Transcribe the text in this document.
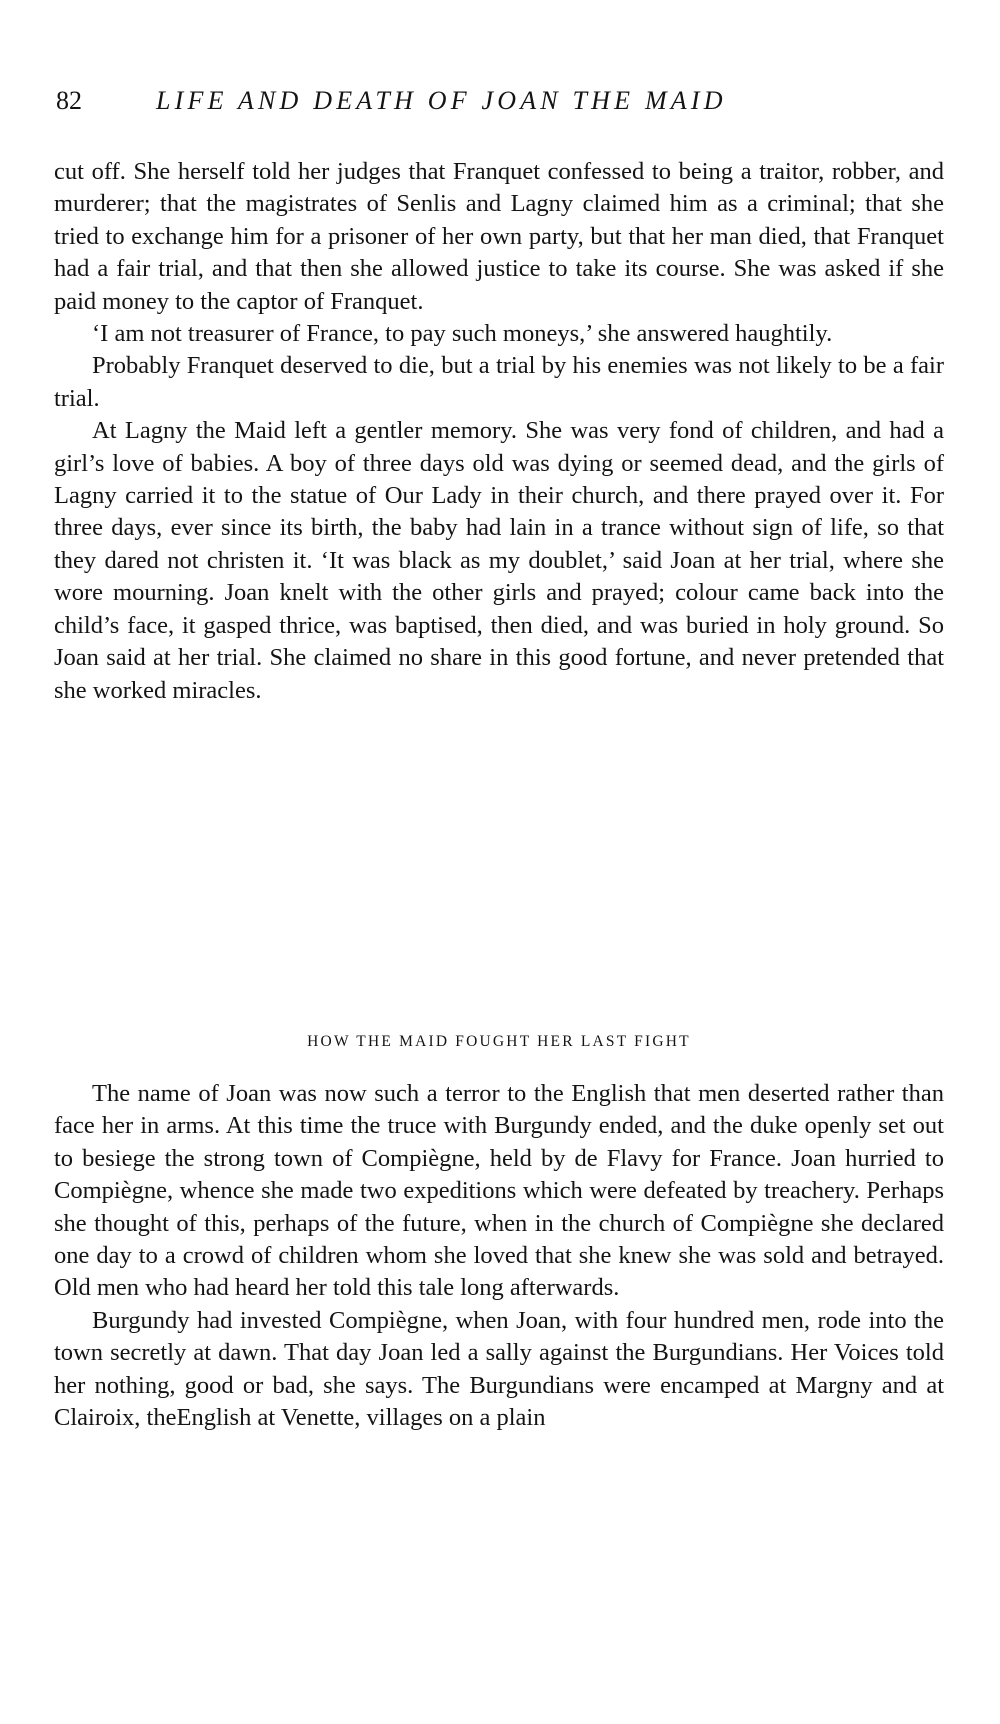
82	LIFE AND DEATH OF JOAN THE MAID

cut off. She herself told her judges that Franquet confessed to being a traitor, robber, and murderer; that the magistrates of Senlis and Lagny claimed him as a criminal; that she tried to exchange him for a prisoner of her own party, but that her man died, that Franquet had a fair trial, and that then she allowed justice to take its course. She was asked if she paid money to the captor of Franquet.

‘I am not treasurer of France, to pay such moneys,’ she answered haughtily.

Probably Franquet deserved to die, but a trial by his enemies was not likely to be a fair trial.

At Lagny the Maid left a gentler memory. She was very fond of children, and had a girl’s love of babies. A boy of three days old was dying or seemed dead, and the girls of Lagny carried it to the statue of Our Lady in their church, and there prayed over it. For three days, ever since its birth, the baby had lain in a trance without sign of life, so that they dared not christen it. ‘It was black as my doublet,’ said Joan at her trial, where she wore mourning. Joan knelt with the other girls and prayed; colour came back into the child’s face, it gasped thrice, was baptised, then died, and was buried in holy ground. So Joan said at her trial. She claimed no share in this good fortune, and never pretended that she worked miracles.

HOW THE MAID FOUGHT HER LAST FIGHT

The name of Joan was now such a terror to the English that men deserted rather than face her in arms. At this time the truce with Burgundy ended, and the duke openly set out to besiege the strong town of Compiègne, held by de Flavy for France. Joan hurried to Compiègne, whence she made two expeditions which were defeated by treachery. Perhaps she thought of this, perhaps of the future, when in the church of Compiègne she declared one day to a crowd of children whom she loved that she knew she was sold and betrayed. Old men who had heard her told this tale long afterwards.

Burgundy had invested Compiègne, when Joan, with four hundred men, rode into the town secretly at dawn. That day Joan led a sally against the Burgundians. Her Voices told her nothing, good or bad, she says. The Burgundians were encamped at Margny and at Clairoix, theEnglish at Venette, villages on a plain
